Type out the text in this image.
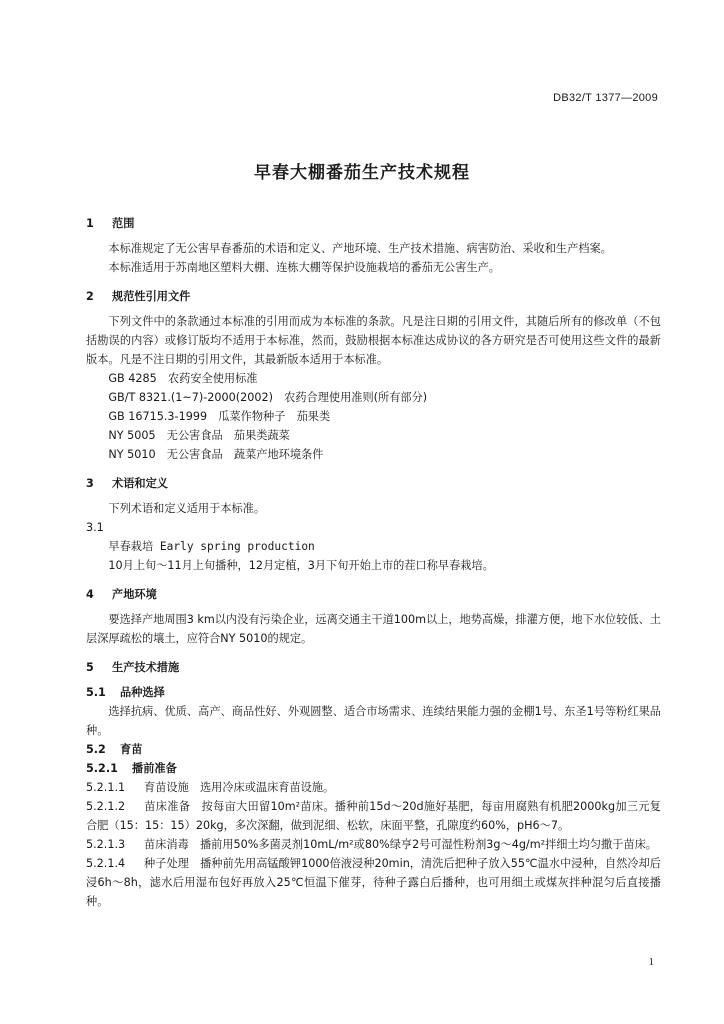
DB32/T 1377—2009
早春大棚番茄生产技术规程
1	范围
本标准规定了无公害早春番茄的术语和定义、产地环境、生产技术措施、病害防治、采收和生产档案。
本标准适用于苏南地区塑料大棚、连栋大棚等保护设施栽培的番茄无公害生产。
2	规范性引用文件
下列文件中的条款通过本标准的引用而成为本标准的条款。凡是注日期的引用文件，其随后所有的修改单（不包括勘误的内容）或修订版均不适用于本标准，然而，鼓励根据本标准达成协议的各方研究是否可使用这些文件的最新版本。凡是不注日期的引用文件，其最新版本适用于本标准。
GB 4285　农药安全使用标准
GB/T 8321.(1~7)-2000(2002)　农药合理使用准则(所有部分)
GB 16715.3-1999　瓜菜作物种子　茄果类
NY 5005　无公害食品　茄果类蔬菜
NY 5010　无公害食品　蔬菜产地环境条件
3	术语和定义
下列术语和定义适用于本标准。
3.1
早春栽培 Early spring production
10月上旬～11月上旬播种，12月定植，3月下旬开始上市的茬口称早春栽培。
4	产地环境
要选择产地周围3 km以内没有污染企业，远离交通主干道100m以上，地势高燥，排灌方便，地下水位较低、土层深厚疏松的壤土，应符合NY 5010的规定。
5	生产技术措施
5.1	品种选择
选择抗病、优质、高产、商品性好、外观圆整、适合市场需求、连续结果能力强的金棚1号、东圣1号等粉红果品种。
5.2	育苗
5.2.1	播前准备
5.2.1.1	育苗设施　选用冷床或温床育苗设施。
5.2.1.2 苗床准备　按每亩大田留10m²苗床。播种前15d～20d施好基肥，每亩用腐熟有机肥2000kg加三元复合肥（15：15：15）20kg，多次深翻，做到泥细、松软，床面平整，孔隙度约60%，pH6～7。
5.2.1.3 苗床消毒　播前用50%多菌灵剂10mL/m²或80%绿亨2号可湿性粉剂3g～4g/m²拌细土均匀撒于苗床。
5.2.1.4 种子处理　播种前先用高锰酸钾1000倍液浸种20min，清洗后把种子放入55℃温水中浸种，自然冷却后浸6h～8h，滤水后用湿布包好再放入25℃恒温下催芽，待种子露白后播种，也可用细土或煤灰拌种混匀后直接播种。
1
